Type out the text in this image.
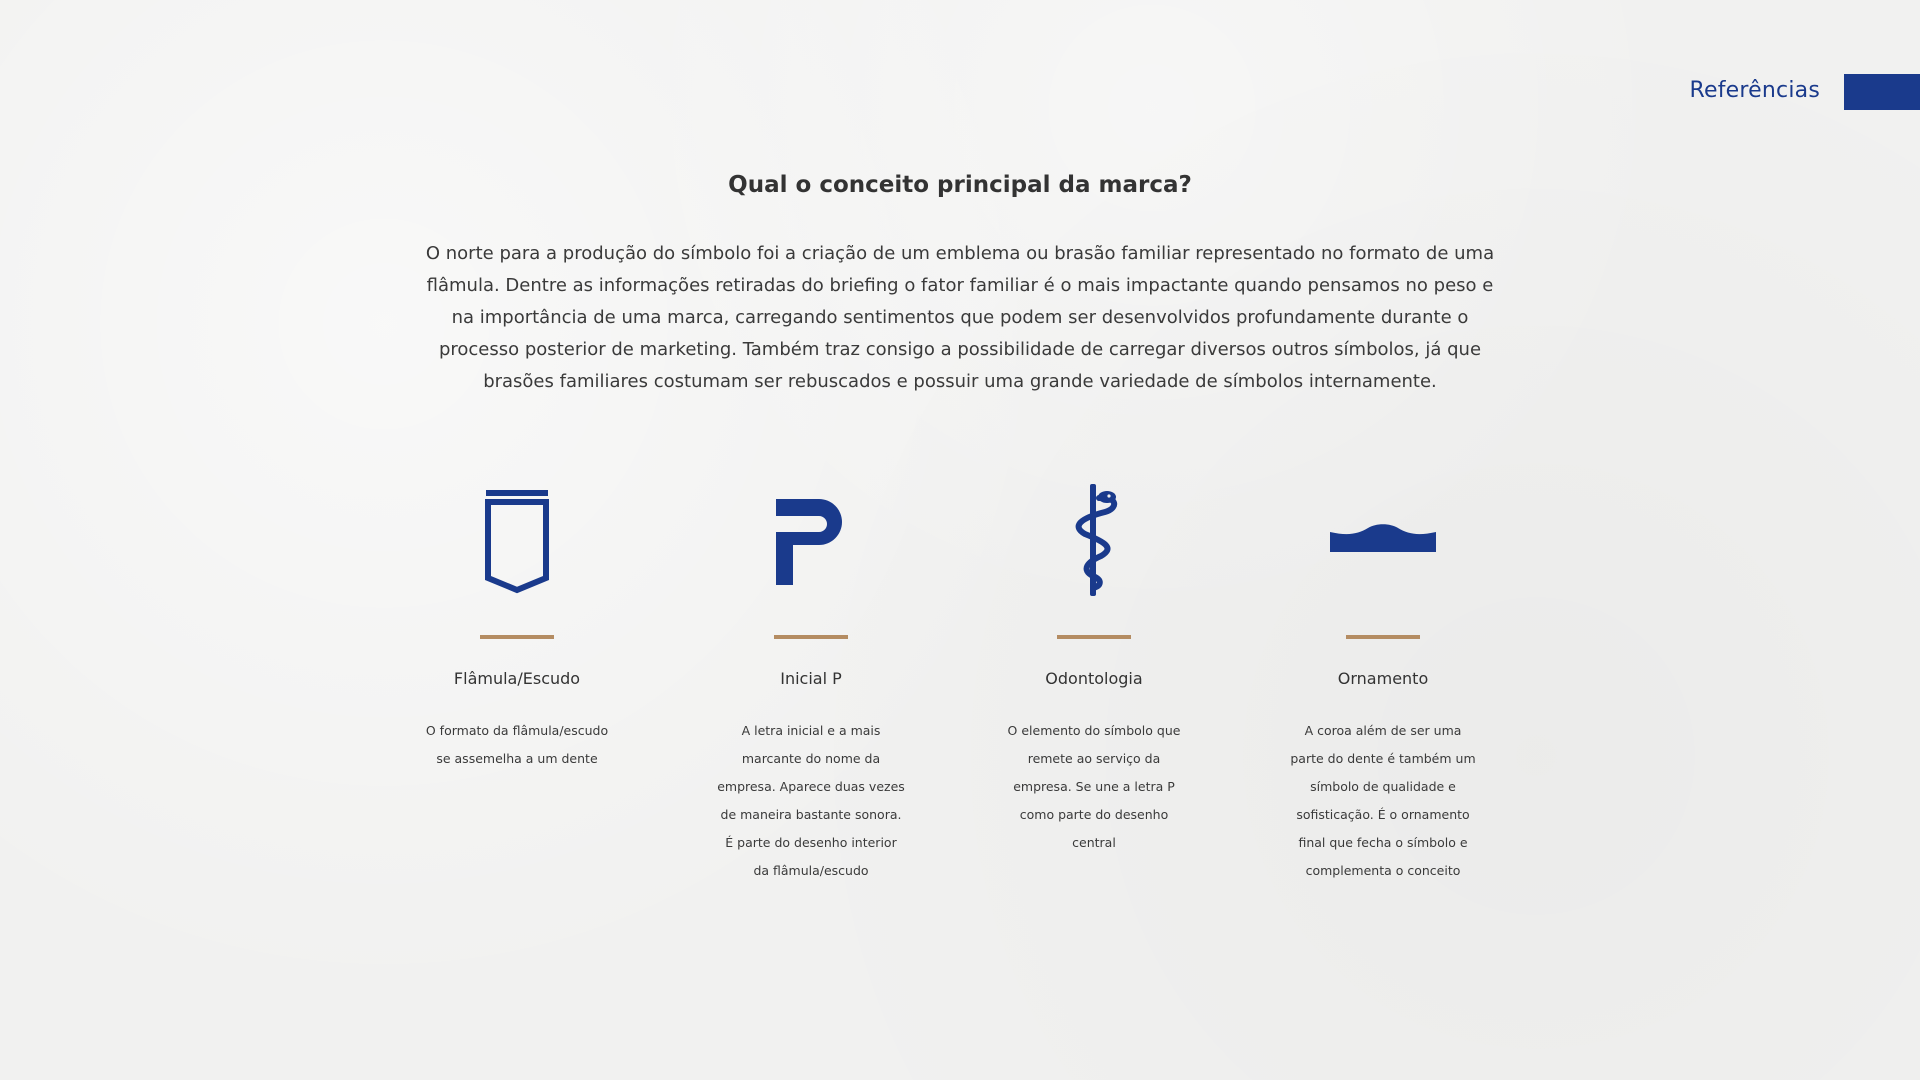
Referências
Qual o conceito principal da marca?

O norte para a produção do símbolo foi a criação de um emblema ou brasão familiar representado no formato de uma flâmula. Dentre as informações retiradas do briefing o fator familiar é o mais impactante quando pensamos no peso e na importância de uma marca, carregando sentimentos que podem ser desenvolvidos profundamente durante o processo posterior de marketing. Também traz consigo a possibilidade de carregar diversos outros símbolos, já que brasões familiares costumam ser rebuscados e possuir uma grande variedade de símbolos internamente.

Flâmula/Escudo
O formato da flâmula/escudo se assemelha a um dente
Inicial P
A letra inicial e a mais marcante do nome da empresa. Aparece duas vezes de maneira bastante sonora. É parte do desenho interior da flâmula/escudo
Odontologia
O elemento do símbolo que remete ao serviço da empresa. Se une a letra P como parte do desenho central
Ornamento
A coroa além de ser uma parte do dente é também um símbolo de qualidade e sofisticação. É o ornamento final que fecha o símbolo e complementa o conceito
